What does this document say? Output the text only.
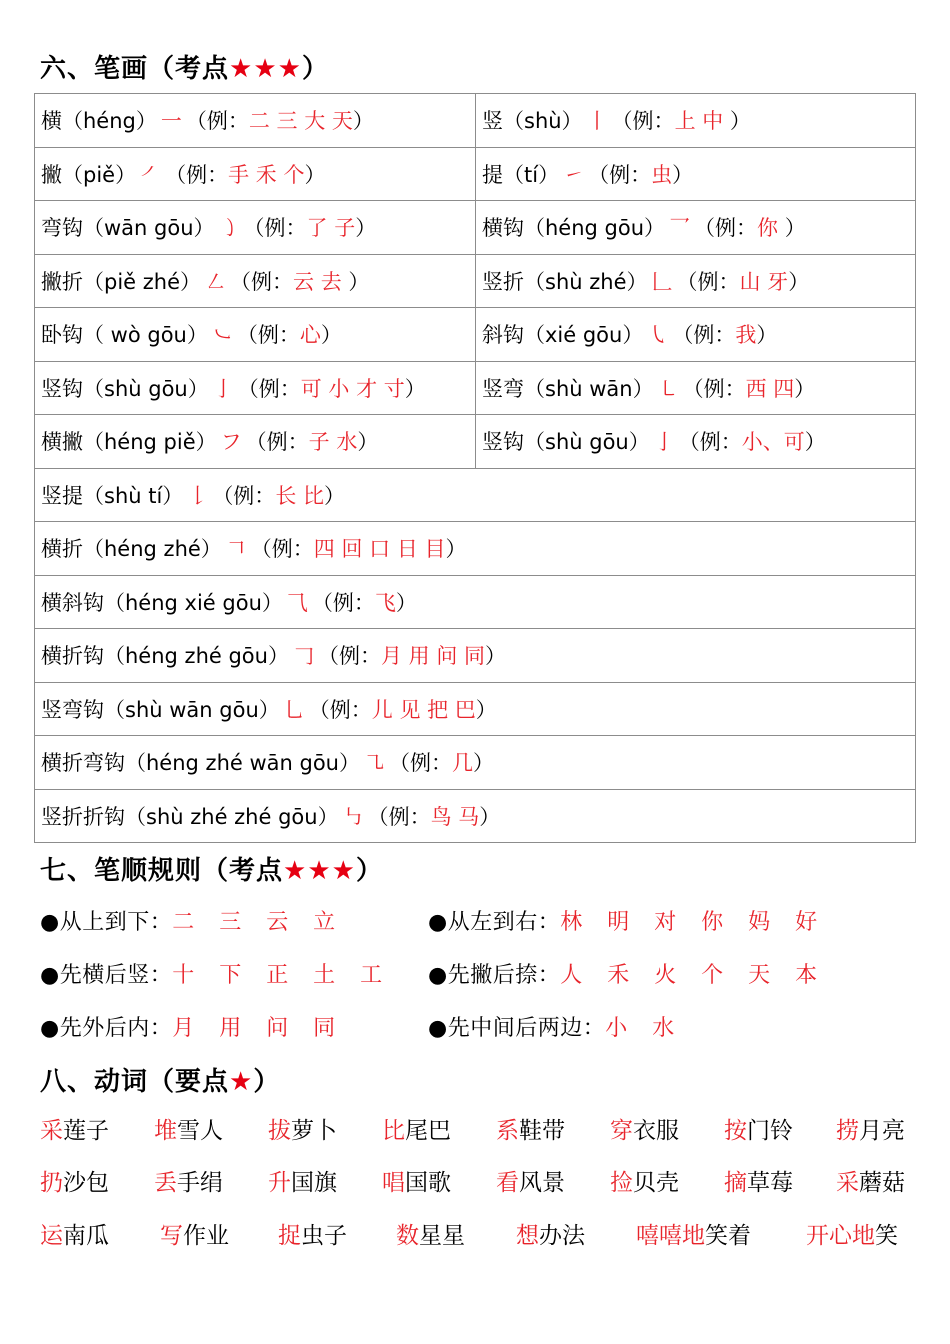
六、笔画（考点★★★）
横（héng） 一 （例：二 三 大 天）	竖（shù） 丨 （例：上 中 ）
撇（piě） ㇒ （例：手 禾 个）	提（tí） ㇀ （例：虫）
弯钩（wān gōu） ㇁ （例：了 子）	横钩（héng gōu） 乛 （例：你 ）
撇折（piě zhé） ㇜ （例：云 去 ）	竖折（shù zhé） 𠃊 （例：山 牙）
卧钩（ wò gōu） ㇃ （例：心）	斜钩（xié gōu） ㇂ （例：我）
竖钩（shù gōu） 亅 （例：可 小 才 寸）	竖弯（shù wān） ㇄ （例：西 四）
横撇（héng piě） フ （例：子 水）	竖钩（shù gōu） 亅 （例：小、可）
竖提（shù tí） 𠄌 （例：长 比）	
横折（héng zhé） 𠃍 （例：四 回 口 日 目）	
横斜钩（héng xié gōu） ⺄ （例：飞）	
横折钩（héng zhé gōu） 𠃌 （例：月 用 问 同）	
竖弯钩（shù wān gōu） 乚 （例：儿 见 把 巴）	
横折弯钩（héng zhé wān gōu） ㇈ （例：几）	
竖折折钩（shù zhé zhé gōu） ㇉ （例：鸟 马）	
七、笔顺规则（考点★★★）
●从上到下：二 三 云 立	●从左到右：林 明 对 你 妈 好
●先横后竖：十 下 正 土 工 ●先撇后捺：人 禾 火 个 天 本
●先外后内：月 用 问 同	●先中间后两边：小 水
八、动词（要点★）
采莲子 堆雪人 拔萝卜 比尾巴 系鞋带 穿衣服 按门铃 捞月亮
扔沙包 丢手绢 升国旗 唱国歌 看风景 捡贝壳 摘草莓 采蘑菇
运南瓜 写作业 捉虫子 数星星 想办法 嘻嘻地笑着 开心地笑
